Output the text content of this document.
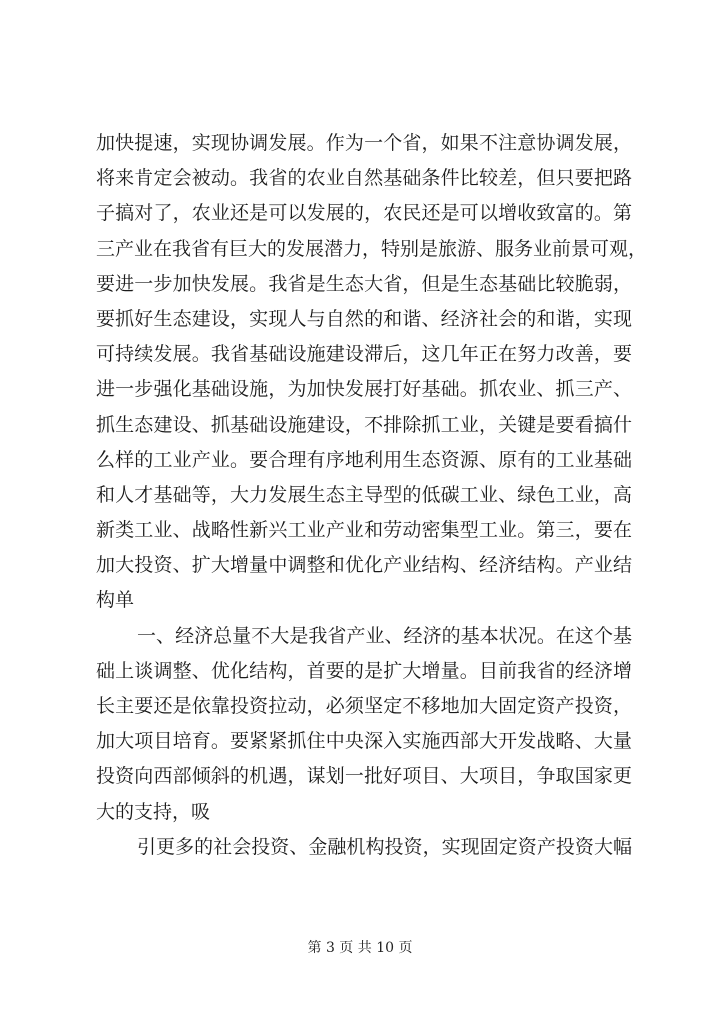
加快提速，实现协调发展。作为一个省，如果不注意协调发展，
将来肯定会被动。我省的农业自然基础条件比较差，但只要把路
子搞对了，农业还是可以发展的，农民还是可以增收致富的。第
三产业在我省有巨大的发展潜力，特别是旅游、服务业前景可观，
要进一步加快发展。我省是生态大省，但是生态基础比较脆弱，
要抓好生态建设，实现人与自然的和谐、经济社会的和谐，实现
可持续发展。我省基础设施建设滞后，这几年正在努力改善，要
进一步强化基础设施，为加快发展打好基础。抓农业、抓三产、
抓生态建设、抓基础设施建设，不排除抓工业，关键是要看搞什
么样的工业产业。要合理有序地利用生态资源、原有的工业基础
和人才基础等，大力发展生态主导型的低碳工业、绿色工业，高
新类工业、战略性新兴工业产业和劳动密集型工业。第三，要在
加大投资、扩大增量中调整和优化产业结构、经济结构。产业结
构单
一、经济总量不大是我省产业、经济的基本状况。在这个基
础上谈调整、优化结构，首要的是扩大增量。目前我省的经济增
长主要还是依靠投资拉动，必须坚定不移地加大固定资产投资，
加大项目培育。要紧紧抓住中央深入实施西部大开发战略、大量
投资向西部倾斜的机遇，谋划一批好项目、大项目，争取国家更
大的支持，吸
引更多的社会投资、金融机构投资，实现固定资产投资大幅
第 3 页 共 10 页
